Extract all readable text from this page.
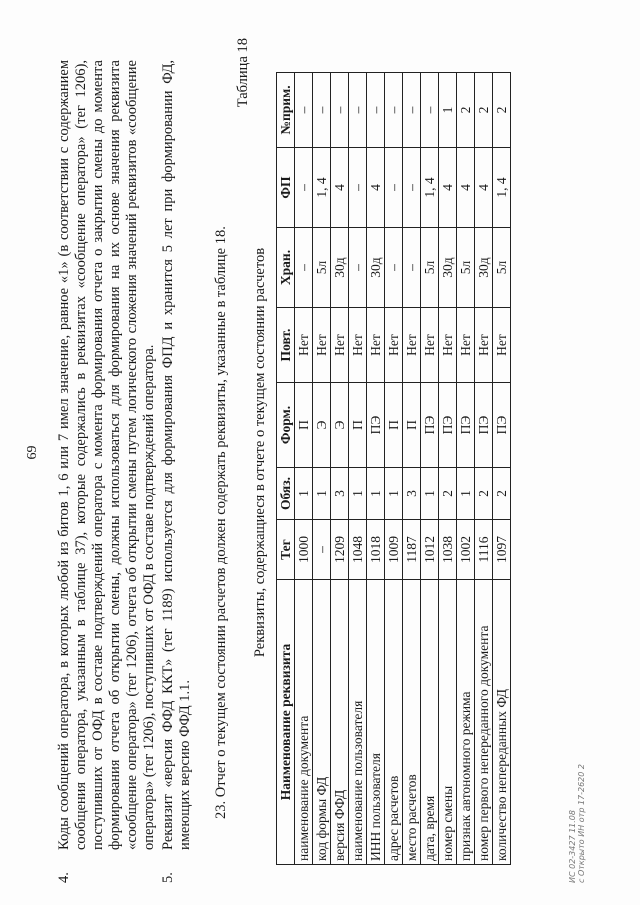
69
4.

Коды сообщений оператора, в которых любой из битов 1, 6 или 7 имел значение, равное «1» (в соответствии с содержанием сообщения оператора, указанным в таблице 37), которые содержались в реквизитах «сообщение оператора» (тег 1206), поступивших от ОФД в составе подтверждений оператора с момента формирования отчета о закрытии смены до момента формирования отчета об открытии смены, должны использоваться для формирования на их основе значения реквизита «сообщение оператора» (тег 1206), отчета об открытии смены путем логического сложения значений реквизитов «сообщение оператора» (тег 1206), поступивших от ОФД в составе подтверждений оператора.

5.

Реквизит «версия ФФД ККТ» (тег 1189) используется для формирования ФПД и хранится 5 лет при формировании ФД, имеющих версию ФФД 1.1. 23. Отчет о текущем состоянии расчетов должен содержать реквизиты, указанные в таблице 18.
Таблица 18
Реквизиты, содержащиеся в отчете о текущем состоянии расчетов
Наименование реквизита	Тег	Обяз.	Форм.	Повт.	Хран.	ФП	№прим.
наименование документа	1000	1	П	Нет	–	–	–
код формы ФД	–	1	Э	Нет	5л	1, 4	–
версия ФФД	1209	3	Э	Нет	30д	4	–
наименование пользователя	1048	1	П	Нет	–	–	–
ИНН пользователя	1018	1	ПЭ	Нет	30д	4	–
адрес расчетов	1009	1	П	Нет	–	–	–
место расчетов	1187	3	П	Нет	–	–	–
дата, время	1012	1	ПЭ	Нет	5л	1, 4	–
номер смены	1038	2	ПЭ	Нет	30д	4	1
признак автономного режима	1002	1	ПЭ	Нет	5л	4	2
номер первого непереданного документа	1116	2	ПЭ	Нет	30д	4	2
количество непереданных ФД	1097	2	ПЭ	Нет	5л	1, 4	2
ИС 02-3427 11.08
с Открыто ИН отр 17-2620 2
